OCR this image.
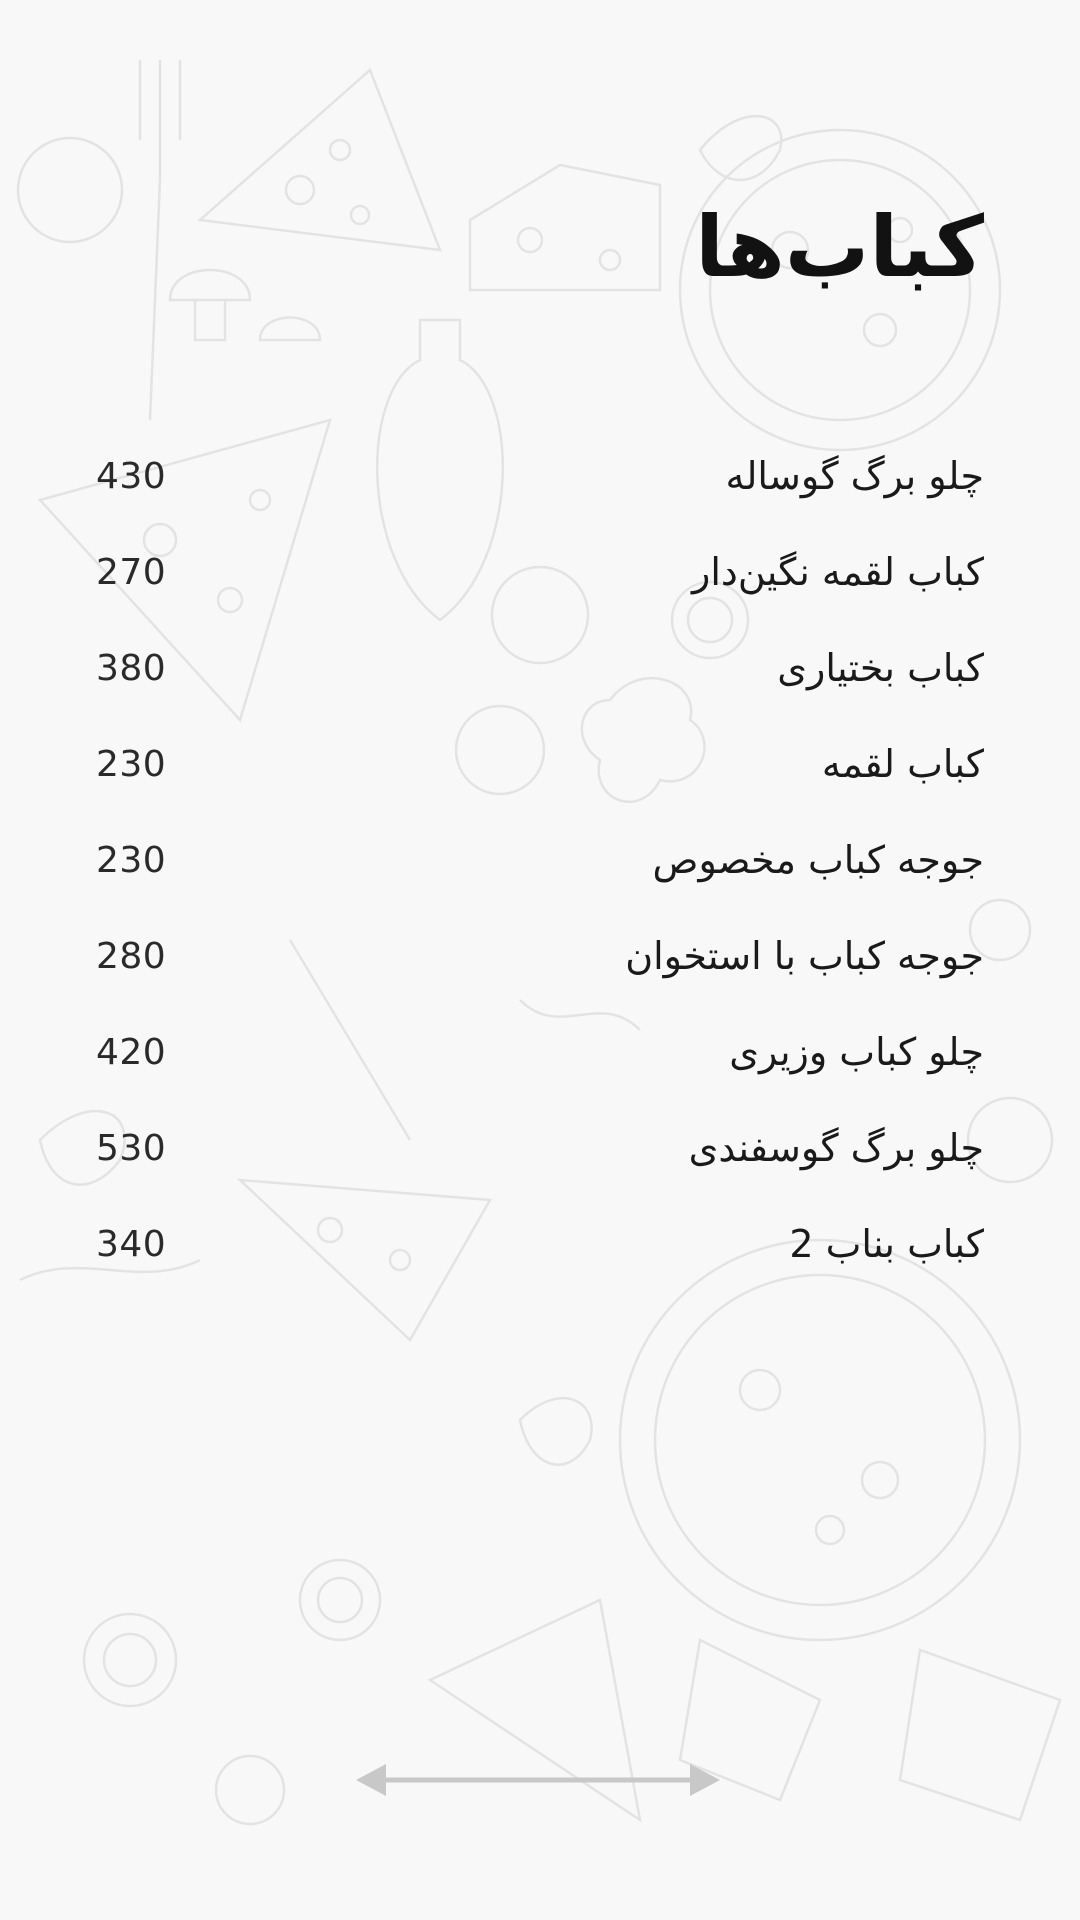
کباب‌ها
430	چلو برگ گوساله
270	کباب لقمه نگین‌دار
380	کباب بختیاری
230	کباب لقمه
230	جوجه کباب مخصوص
280	جوجه کباب با استخوان
420	چلو کباب وزیری
530	چلو برگ گوسفندی
340	کباب بناب 2
